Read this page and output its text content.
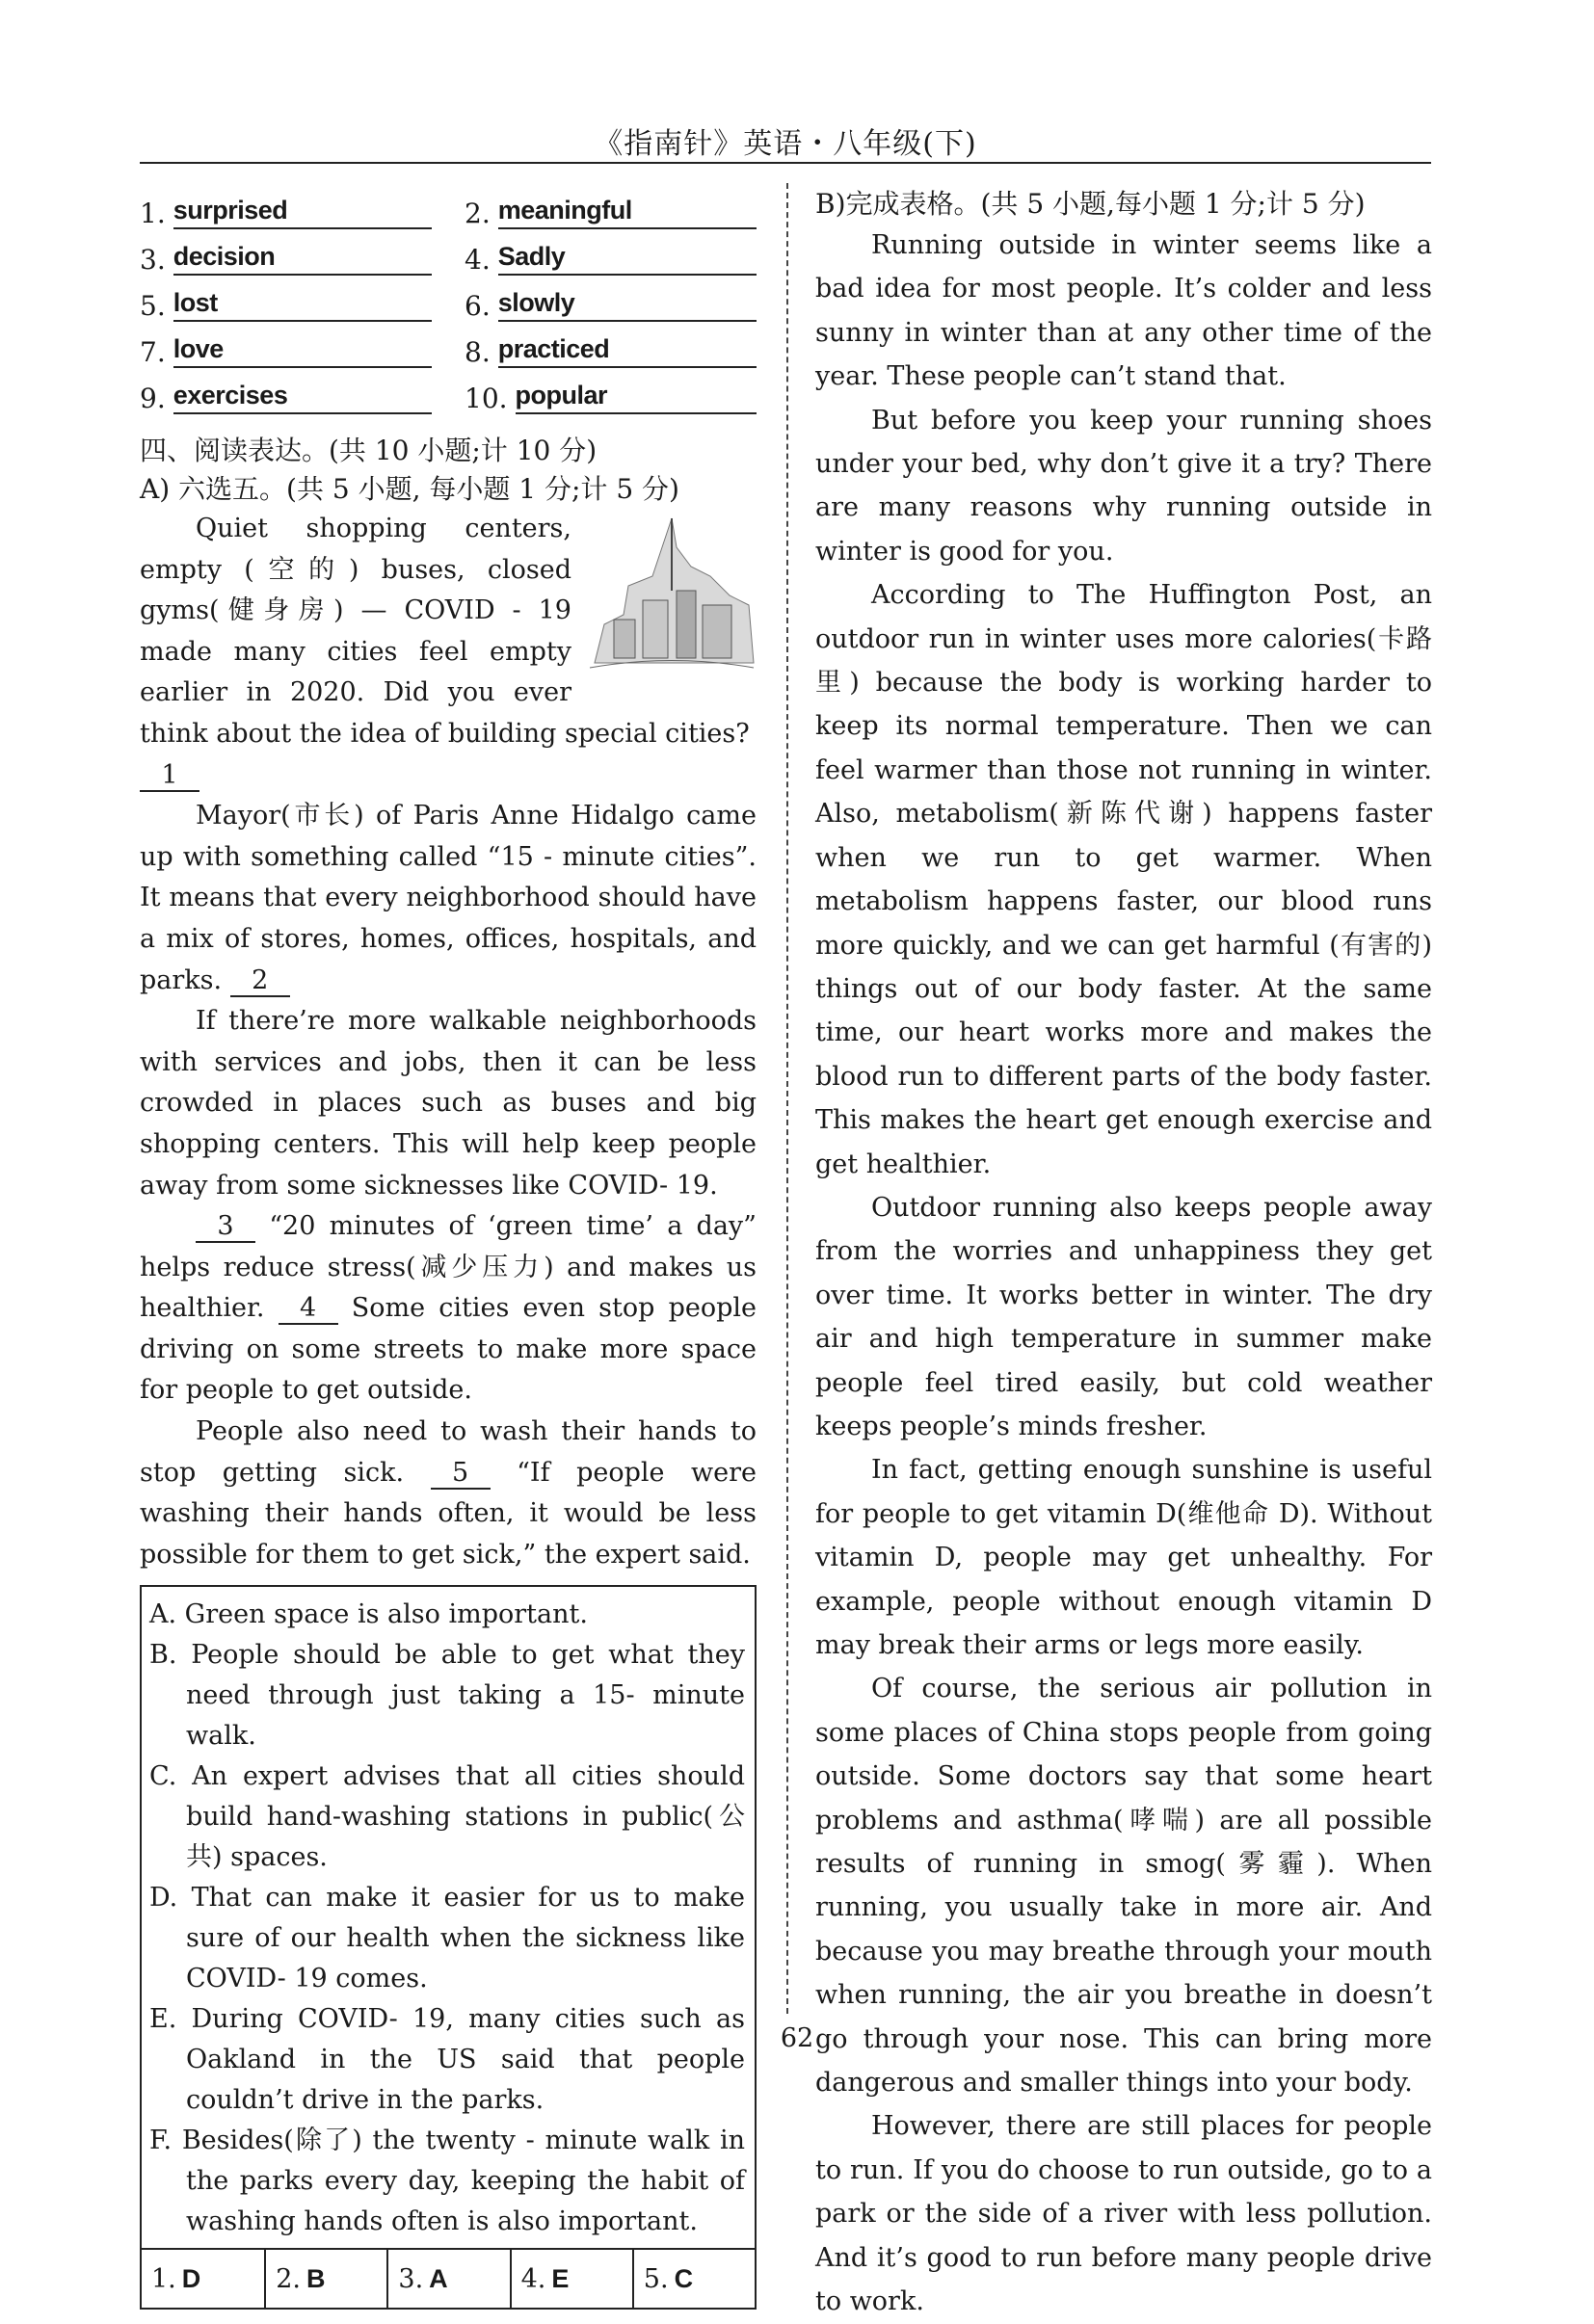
《指南针》英语・八年级(下)
1. surprised	2. meaningful
3. decision	4. Sadly
5. lost	6. slowly
7. love	8. practiced
9. exercises	10. popular
四、阅读表达。(共 10 小题;计 10 分)
A) 六选五。(共 5 小题, 每小题 1 分;计 5 分)

Quiet shopping centers, empty (空的) buses, closed gyms(健身房) — COVID - 19 made many cities feel empty earlier in 2020. Did you ever think about the idea of building special cities?
1

Mayor(市长) of Paris Anne Hidalgo came up with something called “15 - minute cities”. It means that every neighborhood should have a mix of stores, homes, offices, hospitals, and parks. 2

If there’re more walkable neighborhoods with services and jobs, then it can be less crowded in places such as buses and big shopping centers. This will help keep people away from some sicknesses like COVID- 19.

3 “20 minutes of ‘green time’ a day” helps reduce stress(减少压力) and makes us healthier. 4 Some cities even stop people driving on some streets to make more space for people to get outside.

People also need to wash their hands to stop getting sick. 5 “If people were washing their hands often, it would be less possible for them to get sick,” the expert said.

A. Green space is also important.
B. People should be able to get what they need through just taking a 15- minute walk.
C. An expert advises that all cities should build hand-washing stations in public(公共) spaces.
D. That can make it easier for us to make sure of our health when the sickness like COVID- 19 comes.
E. During COVID- 19, many cities such as Oakland in the US said that people couldn’t drive in the parks.
F. Besides(除了) the twenty - minute walk in the parks every day, keeping the habit of washing hands often is also important.
1. D	2. B	3. A	4. E	5. C
B)完成表格。(共 5 小题,每小题 1 分;计 5 分)

Running outside in winter seems like a bad idea for most people. It’s colder and less sunny in winter than at any other time of the year. These people can’t stand that.

But before you keep your running shoes under your bed, why don’t give it a try? There are many reasons why running outside in winter is good for you.

According to The Huffington Post, an outdoor run in winter uses more calories(卡路里) because the body is working harder to keep its normal temperature. Then we can feel warmer than those not running in winter. Also, metabolism(新陈代谢) happens faster when we run to get warmer. When metabolism happens faster, our blood runs more quickly, and we can get harmful (有害的) things out of our body faster. At the same time, our heart works more and makes the blood run to different parts of the body faster. This makes the heart get enough exercise and get healthier.

Outdoor running also keeps people away from the worries and unhappiness they get over time. It works better in winter. The dry air and high temperature in summer make people feel tired easily, but cold weather keeps people’s minds fresher.

In fact, getting enough sunshine is useful for people to get vitamin D(维他命 D). Without vitamin D, people may get unhealthy. For example, people without enough vitamin D may break their arms or legs more easily.

Of course, the serious air pollution in some places of China stops people from going outside. Some doctors say that some heart problems and asthma(哮喘) are all possible results of running in smog(雾霾). When running, you usually take in more air. And because you may breathe through your mouth when running, the air you breathe in doesn’t go through your nose. This can bring more dangerous and smaller things into your body.

However, there are still places for people to run. If you do choose to run outside, go to a park or the side of a river with less pollution. And it’s good to run before many people drive to work.

62
